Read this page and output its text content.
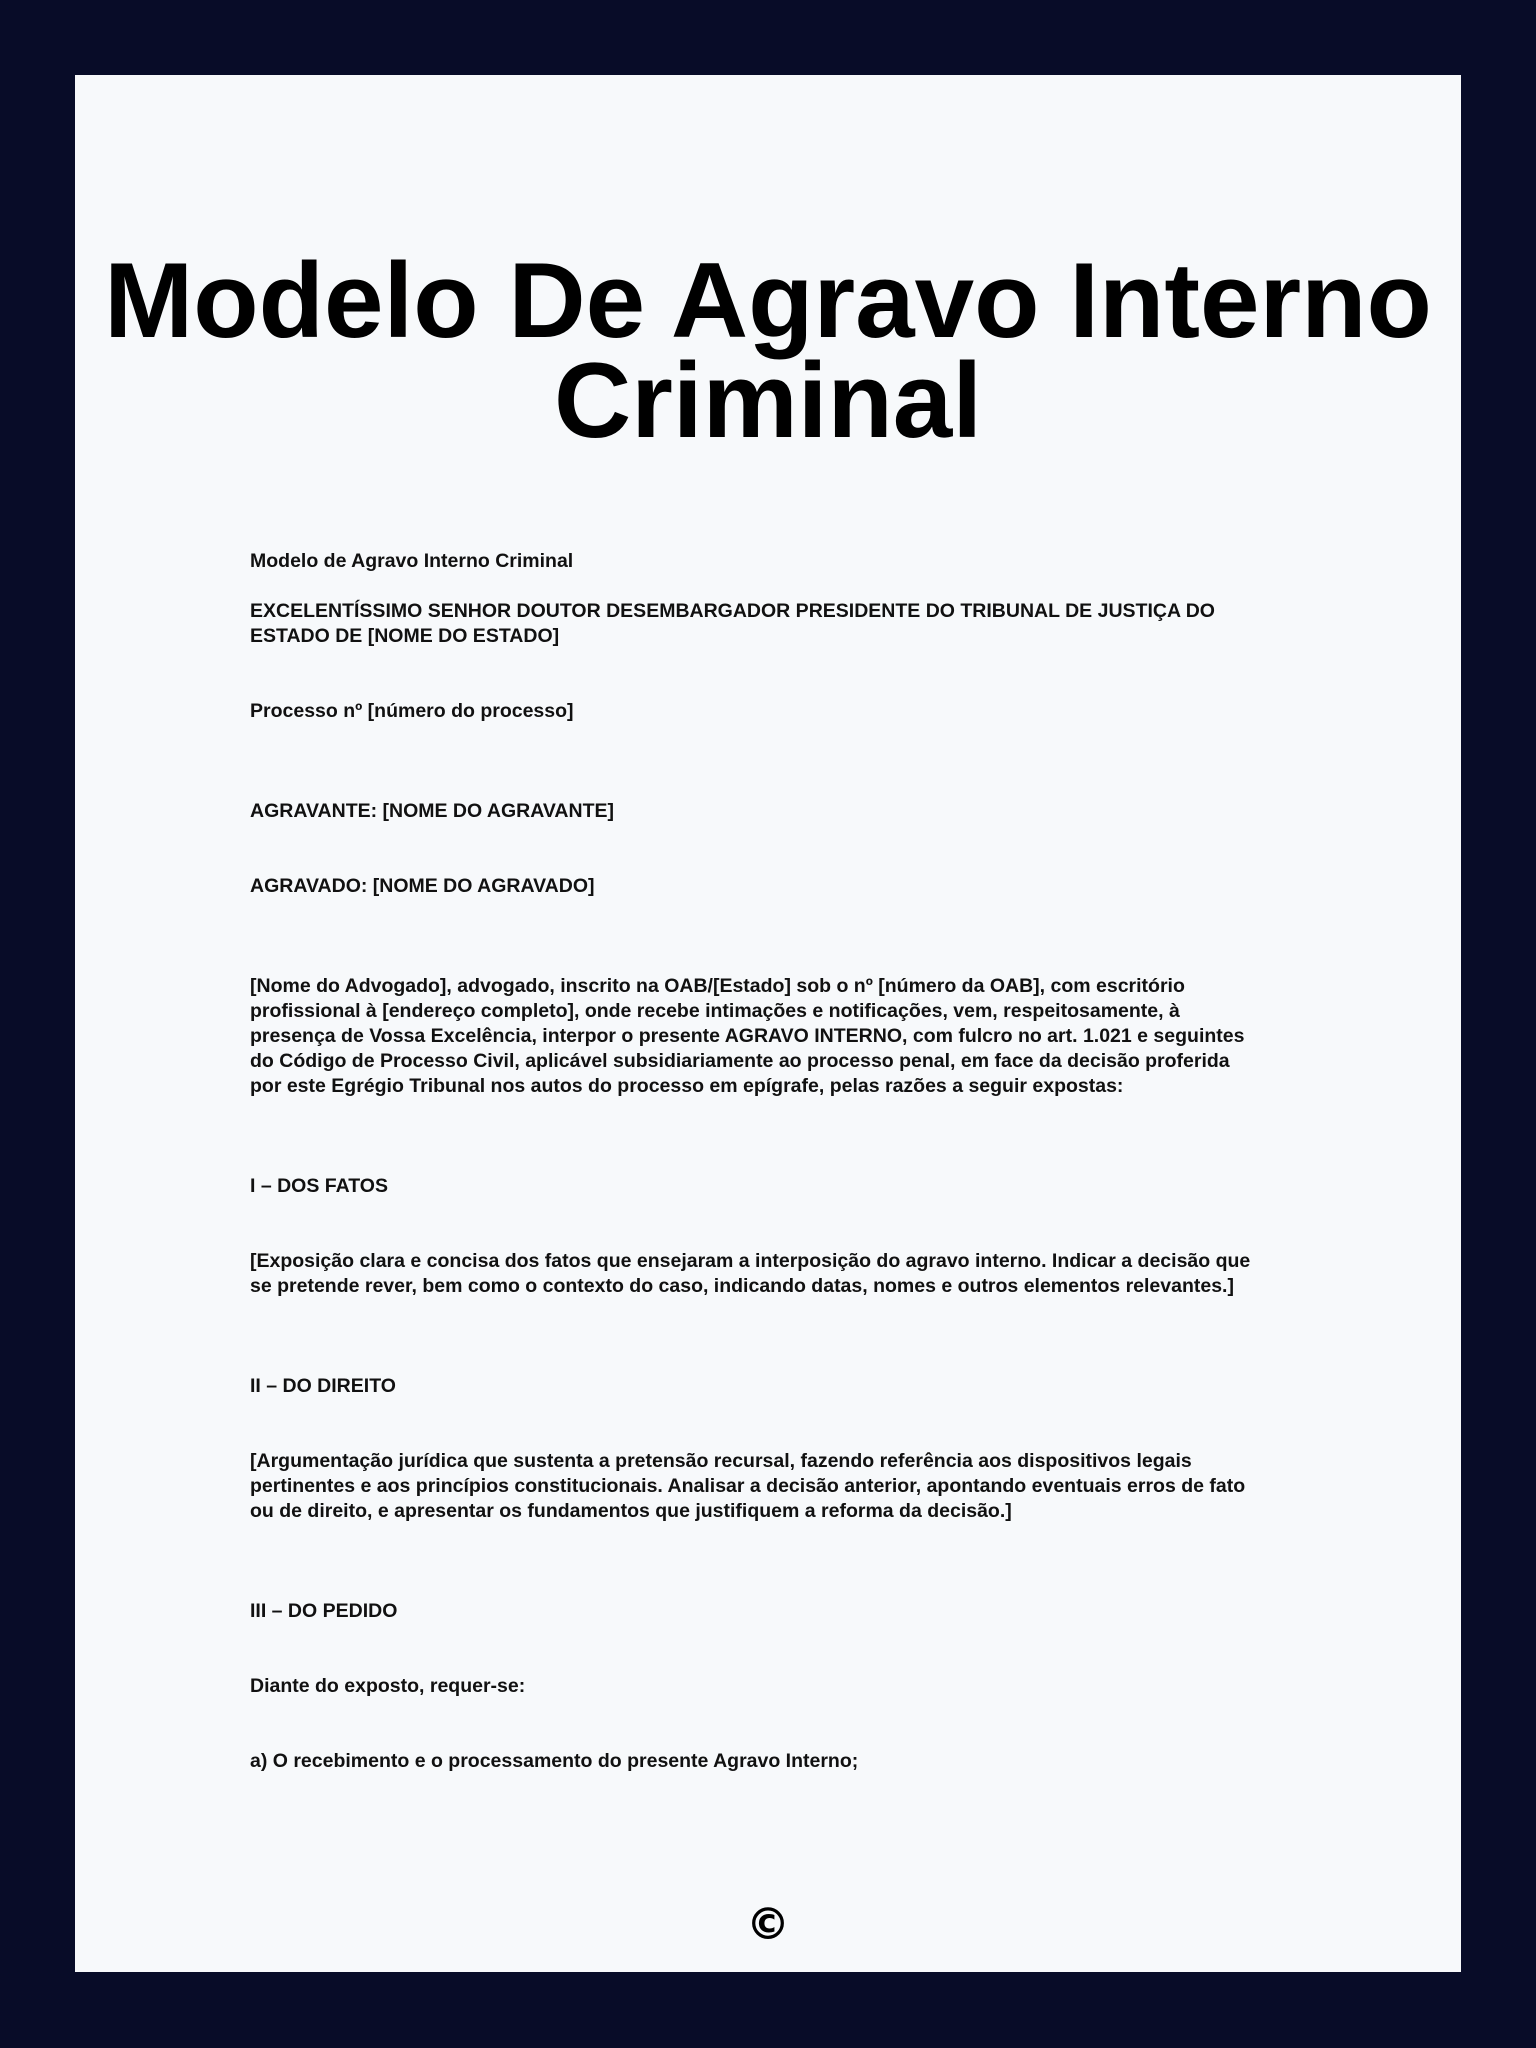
Modelo De Agravo Interno
Criminal

Modelo de Agravo Interno Criminal

EXCELENTÍSSIMO SENHOR DOUTOR DESEMBARGADOR PRESIDENTE DO TRIBUNAL DE JUSTIÇA DO

ESTADO DE [NOME DO ESTADO]

Processo nº [número do processo]

AGRAVANTE: [NOME DO AGRAVANTE]

AGRAVADO: [NOME DO AGRAVADO]

[Nome do Advogado], advogado, inscrito na OAB/[Estado] sob o nº [número da OAB], com escritório

profissional à [endereço completo], onde recebe intimações e notificações, vem, respeitosamente, à

presença de Vossa Excelência, interpor o presente AGRAVO INTERNO, com fulcro no art. 1.021 e seguintes

do Código de Processo Civil, aplicável subsidiariamente ao processo penal, em face da decisão proferida

por este Egrégio Tribunal nos autos do processo em epígrafe, pelas razões a seguir expostas:

I – DOS FATOS

[Exposição clara e concisa dos fatos que ensejaram a interposição do agravo interno. Indicar a decisão que

se pretende rever, bem como o contexto do caso, indicando datas, nomes e outros elementos relevantes.]

II – DO DIREITO

[Argumentação jurídica que sustenta a pretensão recursal, fazendo referência aos dispositivos legais

pertinentes e aos princípios constitucionais. Analisar a decisão anterior, apontando eventuais erros de fato

ou de direito, e apresentar os fundamentos que justifiquem a reforma da decisão.]

III – DO PEDIDO

Diante do exposto, requer-se:

a) O recebimento e o processamento do presente Agravo Interno;

©
